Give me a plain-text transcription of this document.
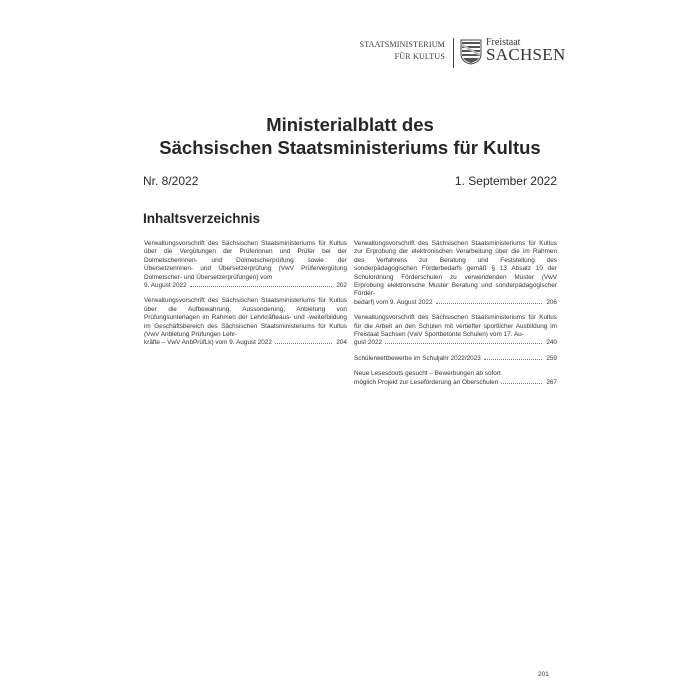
STAATSMINISTERIUM
FÜR KULTUS
Freistaat
SACHSEN
Ministerialblatt des
Sächsischen Staatsministeriums für Kultus
Nr. 8/2022	1. September 2022
Inhaltsverzeichnis
Verwaltungsvorschrift des Sächsischen Staatsministeriums für Kultus über die Vergütungen der Prüferinnen und Prüfer bei der Dolmetscherinnen- und Dolmetscherprüfung sowie der Übersetzerinnen- und Übersetzerprüfung (VwV Prüfervergütung Dolmetscher- und Übersetzerprüfungen) vom
9. August 2022	202
Verwaltungsvorschrift des Sächsischen Staatsministeriums für Kultus über die Aufbewahrung, Aussonderung, Anbietung von Prüfungsunterlagen im Rahmen der Lehrkräfteaus- und -weiterbildung im Geschäftsbereich des Sächsischen Staatsministeriums für Kultus (VwV Anbietung Prüfungen Lehr-
kräfte – VwV AnbPrüfLk) vom 9. August 2022	204
Verwaltungsvorschrift des Sächsischen Staatsministeriums für Kultus zur Erprobung der elektronischen Verarbeitung über die im Rahmen des Verfahrens zur Beratung und Feststellung des sonderpädagogischen Förderbedarfs gemäß § 13 Absatz 10 der Schulordnung Förderschulen zu verwendenden Muster (VwV Erprobung elektronische Muster Beratung und sonderpädagogischer Förder-
bedarf) vom 9. August 2022	206
Verwaltungsvorschrift des Sächsischen Staatsministeriums für Kultus für die Arbeit an den Schulen mit vertiefter sportlicher Ausbildung im Freistaat Sachsen (VwV Sportbetonte Schulen) vom 17. Au-
gust 2022	240
Schülerwettbewerbe im Schuljahr 2022/2023	259
Neue Lesescouts gesucht – Bewerbungen ab sofort
möglich Projekt zur Leseförderung an Oberschulen	267
201
